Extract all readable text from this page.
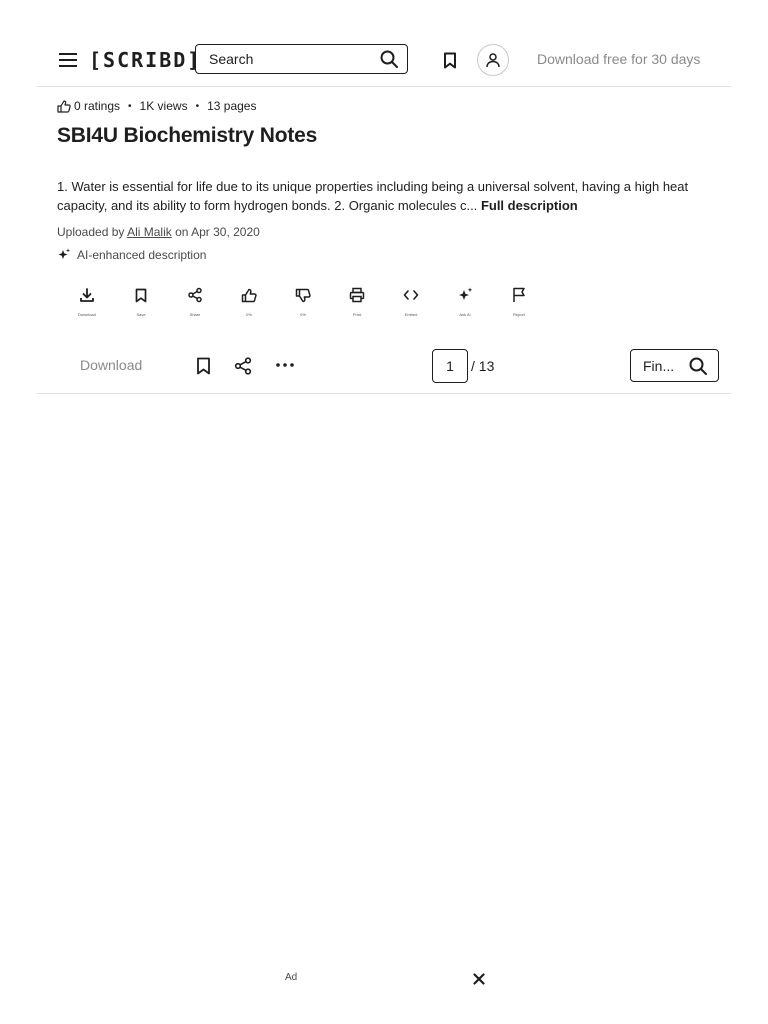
[SCRIBD]
Search	Download free for 30 days
0 ratings • 1K views • 13 pages
SBI4U Biochemistry Notes
1. Water is essential for life due to its unique properties including being a universal solvent, having a high heat capacity, and its ability to form hydrogen bonds. 2. Organic molecules c... Full description
Uploaded by Ali Malik on Apr 30, 2020
AI-enhanced description
Download	Save	Share	0%	0%	Print	Embed	Ask AI	Report
Download
1	/ 13
Fin...
Ad
